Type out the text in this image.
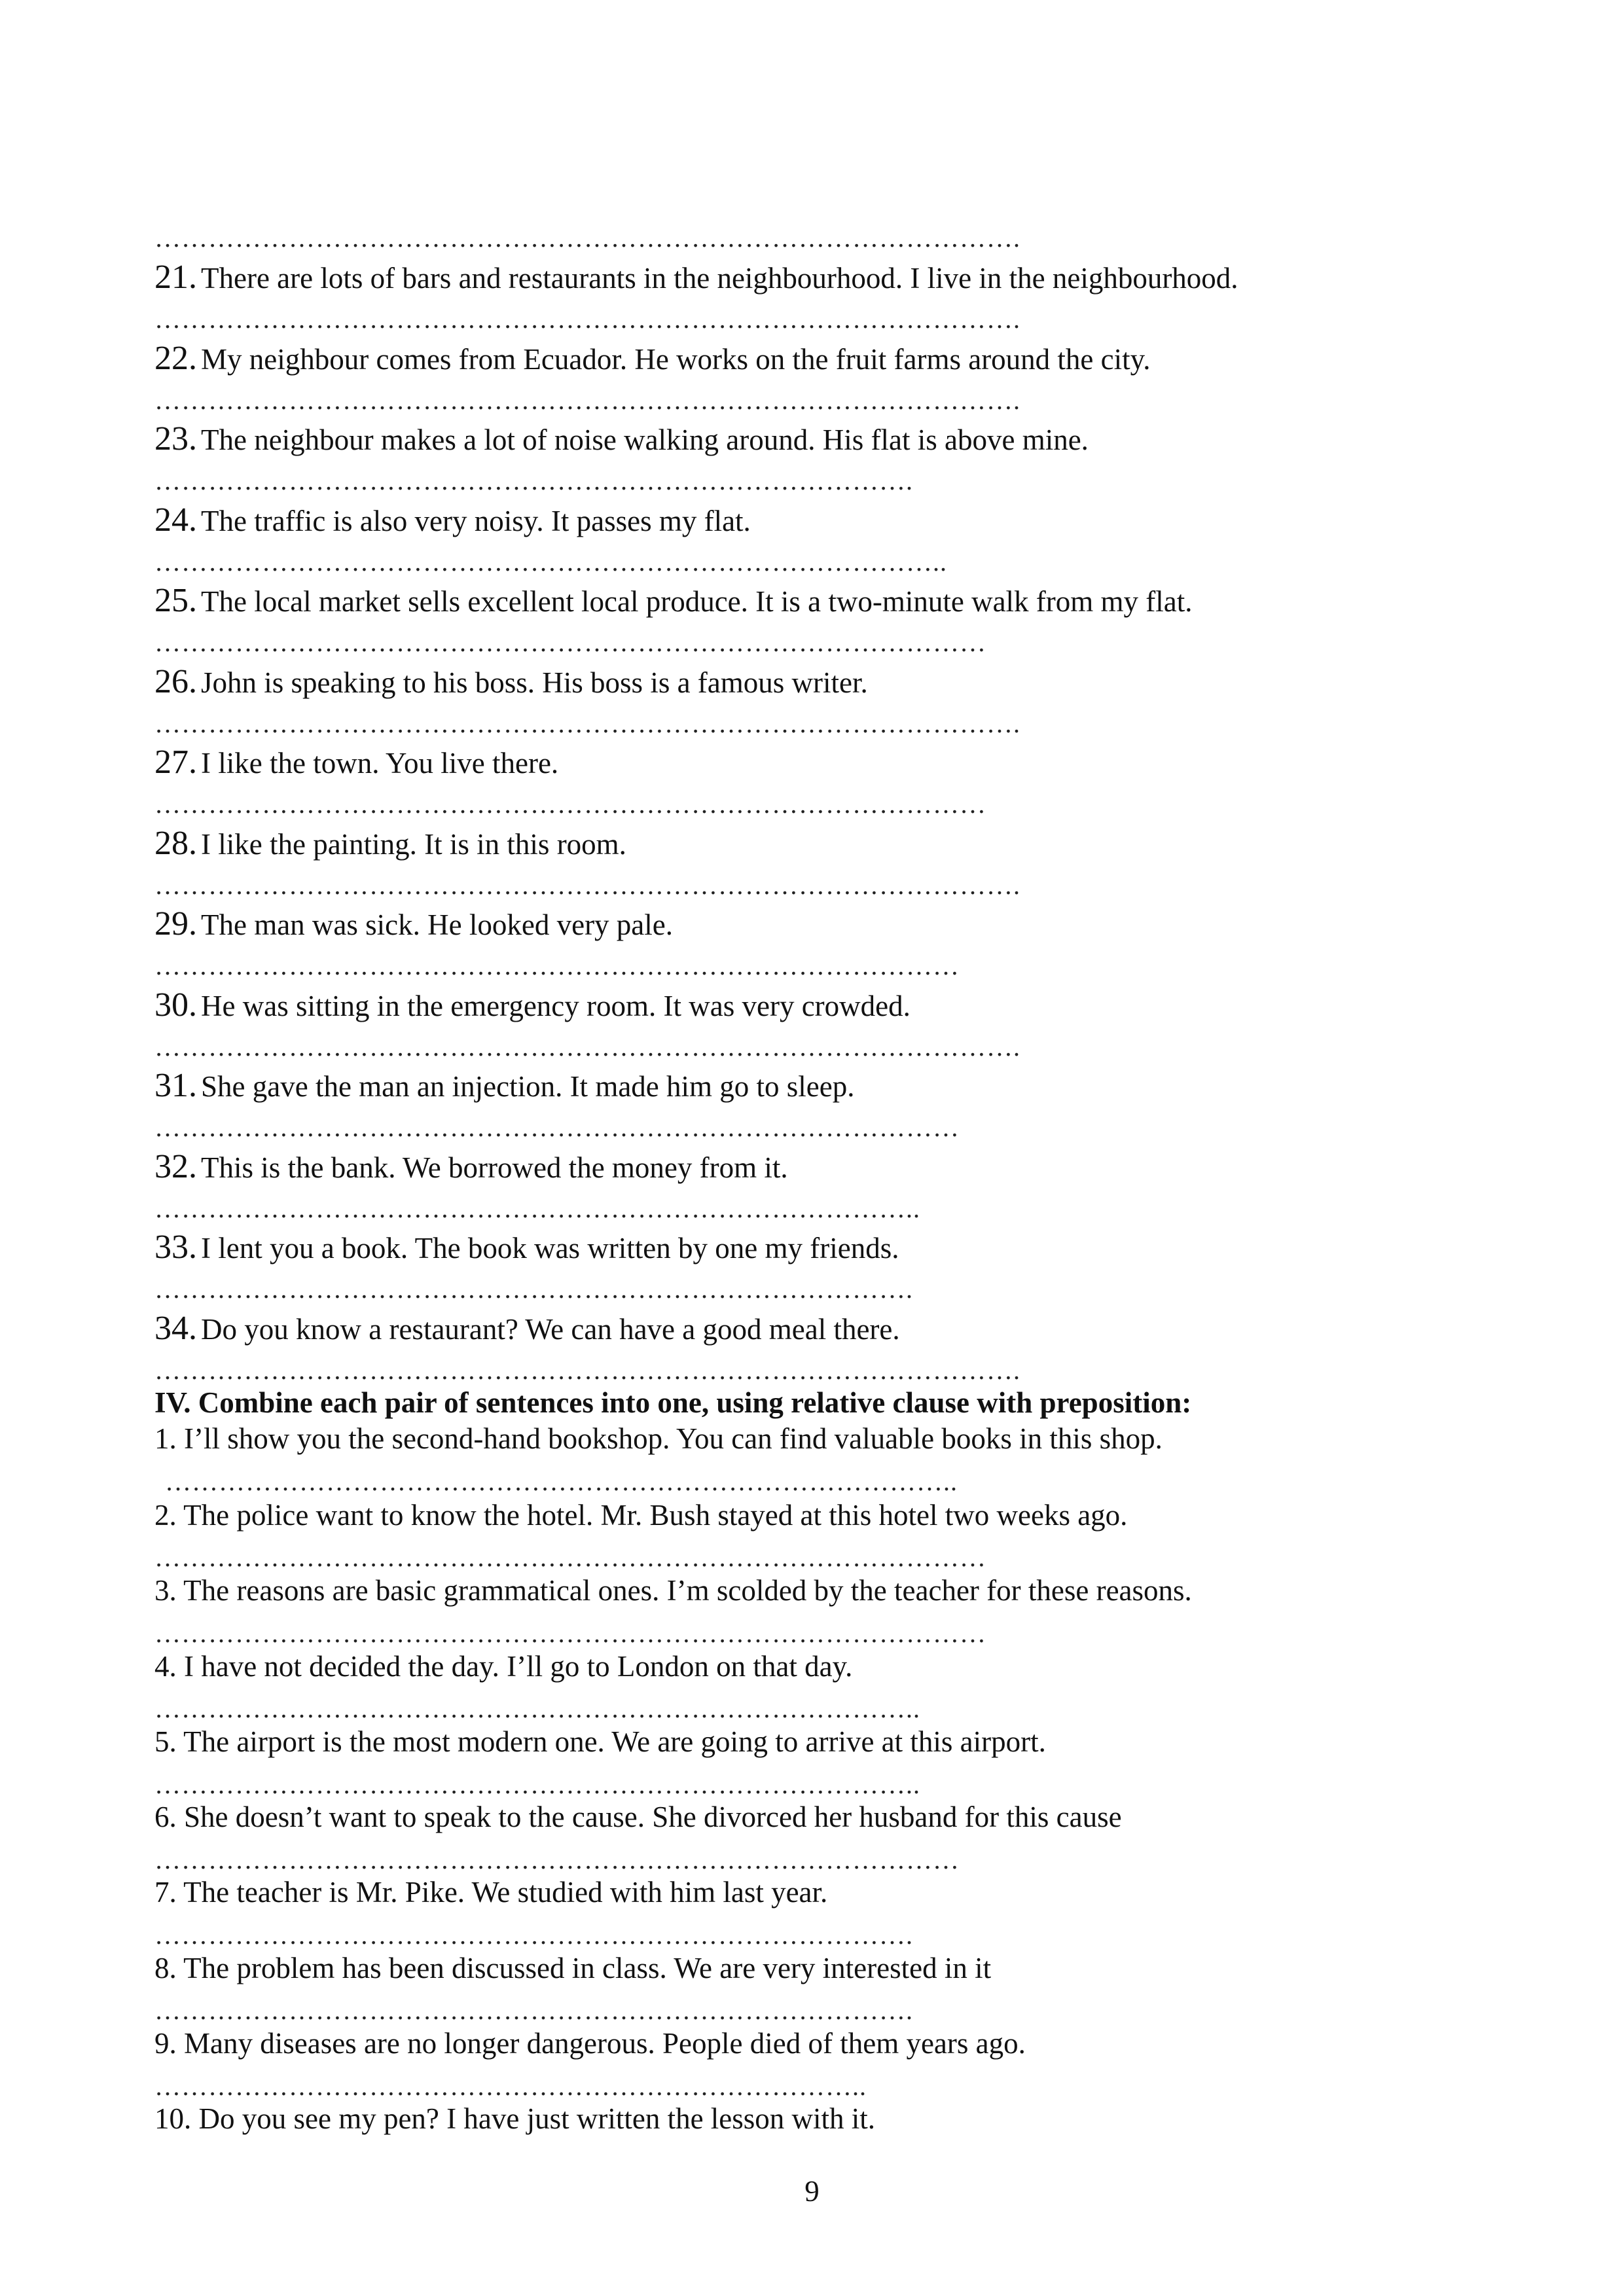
…………………………………………………………………………………….
21. There are lots of bars and restaurants in the neighbourhood. I live in the neighbourhood.
…………………………………………………………………………………….
22. My neighbour comes from Ecuador. He works on the fruit farms around the city.
…………………………………………………………………………………….
23. The neighbour makes a lot of noise walking around. His flat is above mine.
………………………………………………………………………….
24. The traffic is also very noisy. It passes my flat.
……………………………………………………………………………..
25. The local market sells excellent local produce. It is a two-minute walk from my flat.
…………………………………………………………………………………
26. John is speaking to his boss. His boss is a famous writer.
…………………………………………………………………………………….
27. I like the town. You live there.
…………………………………………………………………………………
28. I like the painting. It is in this room.
…………………………………………………………………………………….
29. The man was sick. He looked very pale.
………………………………………………………………………………
30. He was sitting in the emergency room. It was very crowded.
…………………………………………………………………………………….
31. She gave the man an injection. It made him go to sleep.
………………………………………………………………………………
32. This is the bank. We borrowed the money from it.
…………………………………………………………………………..
33. I lent you a book. The book was written by one my friends.
………………………………………………………………………….
34. Do you know a restaurant? We can have a good meal there.
…………………………………………………………………………………….
IV. Combine each pair of sentences into one, using relative clause with preposition:
1. I’ll show you the second-hand bookshop. You can find valuable books in this shop.
……………………………………………………………………………..
2. The police want to know the hotel. Mr. Bush stayed at this hotel two weeks ago.
…………………………………………………………………………………
3. The reasons are basic grammatical ones. I’m scolded by the teacher for these reasons.
…………………………………………………………………………………
4. I have not decided the day. I’ll go to London on that day.
…………………………………………………………………………..
5. The airport is the most modern one. We are going to arrive at this airport.
…………………………………………………………………………..
6. She doesn’t want to speak to the cause. She divorced her husband for this cause
………………………………………………………………………………
7. The teacher is Mr. Pike. We studied with him last year.
………………………………………………………………………….
8. The problem has been discussed in class. We are very interested in it
………………………………………………………………………….
9. Many diseases are no longer dangerous. People died of them years ago.
……………………………………………………………………..
10. Do you see my pen? I have just written the lesson with it.
9
